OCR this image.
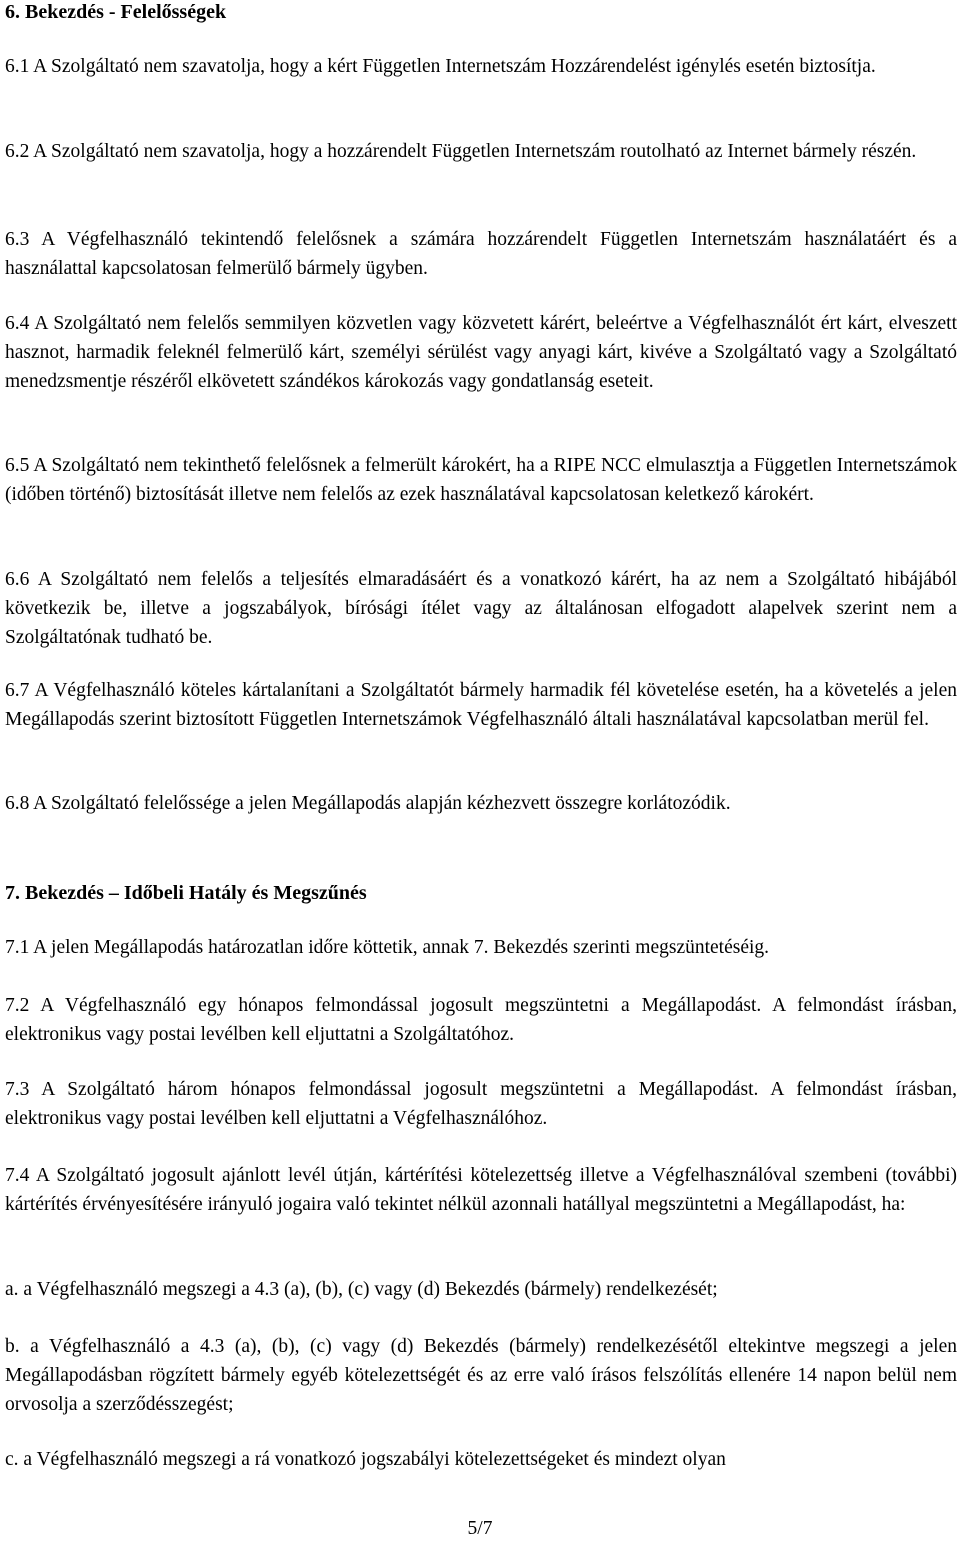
6. Bekezdés - Felelősségek

6.1 A Szolgáltató nem szavatolja, hogy a kért Független Internetszám Hozzárendelést igénylés esetén biztosítja.

6.2 A Szolgáltató nem szavatolja, hogy a hozzárendelt Független Internetszám routolható az Internet bármely részén.

6.3 A Végfelhasználó tekintendő felelősnek a számára hozzárendelt Független Internetszám használatáért és a használattal kapcsolatosan felmerülő bármely ügyben.

6.4 A Szolgáltató nem felelős semmilyen közvetlen vagy közvetett kárért, beleértve a Végfelhasználót ért kárt, elveszett hasznot, harmadik feleknél felmerülő kárt, személyi sérülést vagy anyagi kárt, kivéve a Szolgáltató vagy a Szolgáltató menedzsmentje részéről elkövetett szándékos károkozás vagy gondatlanság eseteit.

6.5 A Szolgáltató nem tekinthető felelősnek a felmerült károkért, ha a RIPE NCC elmulasztja a Független Internetszámok (időben történő) biztosítását illetve nem felelős az ezek használatával kapcsolatosan keletkező károkért.

6.6 A Szolgáltató nem felelős a teljesítés elmaradásáért és a vonatkozó kárért, ha az nem a Szolgáltató hibájából következik be, illetve a jogszabályok, bírósági ítélet vagy az általánosan elfogadott alapelvek szerint nem a Szolgáltatónak tudható be.

6.7 A Végfelhasználó köteles kártalanítani a Szolgáltatót bármely harmadik fél követelése esetén, ha a követelés a jelen Megállapodás szerint biztosított Független Internetszámok Végfelhasználó általi használatával kapcsolatban merül fel.

6.8 A Szolgáltató felelőssége a jelen Megállapodás alapján kézhezvett összegre korlátozódik.

7. Bekezdés – Időbeli Hatály és Megszűnés

7.1 A jelen Megállapodás határozatlan időre köttetik, annak 7. Bekezdés szerinti megszüntetéséig.

7.2 A Végfelhasználó egy hónapos felmondással jogosult megszüntetni a Megállapodást. A felmondást írásban, elektronikus vagy postai levélben kell eljuttatni a Szolgáltatóhoz.

7.3 A Szolgáltató három hónapos felmondással jogosult megszüntetni a Megállapodást. A felmondást írásban, elektronikus vagy postai levélben kell eljuttatni a Végfelhasználóhoz.

7.4 A Szolgáltató jogosult ajánlott levél útján, kártérítési kötelezettség illetve a Végfelhasználóval szembeni (további) kártérítés érvényesítésére irányuló jogaira való tekintet nélkül azonnali hatállyal megszüntetni a Megállapodást, ha:

a. a Végfelhasználó megszegi a 4.3 (a), (b), (c) vagy (d) Bekezdés (bármely) rendelkezését;

b. a Végfelhasználó a 4.3 (a), (b), (c) vagy (d) Bekezdés (bármely) rendelkezésétől eltekintve megszegi a jelen Megállapodásban rögzített bármely egyéb kötelezettségét és az erre való írásos felszólítás ellenére 14 napon belül nem orvosolja a szerződésszegést;

c. a Végfelhasználó megszegi a rá vonatkozó jogszabályi kötelezettségeket és mindezt olyan

5/7
